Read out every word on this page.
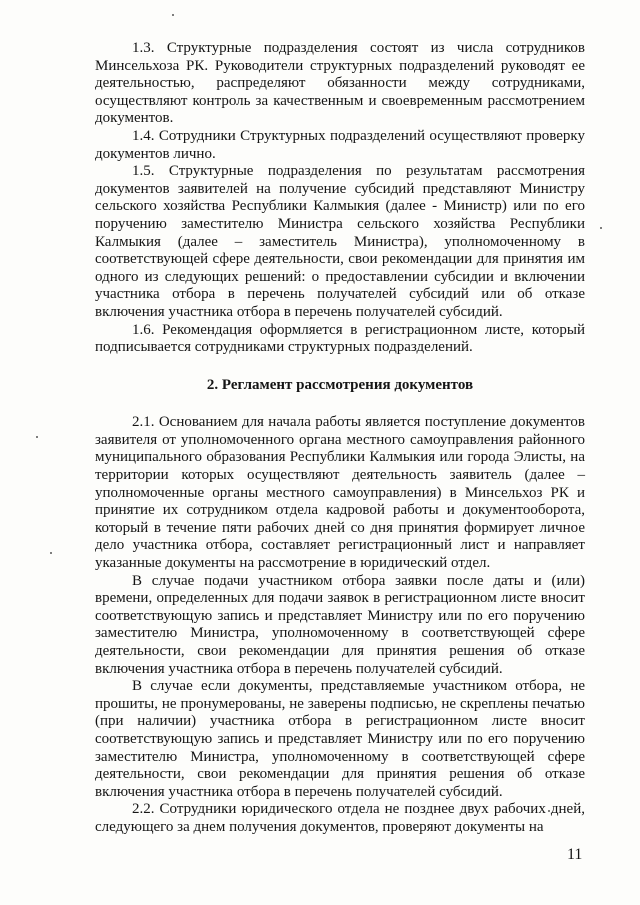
1.3. Структурные подразделения состоят из числа сотрудников Минсельхоза РК. Руководители структурных подразделений руководят ее деятельностью, распределяют обязанности между сотрудниками, осуществляют контроль за качественным и своевременным рассмотрением документов.

1.4. Сотрудники Структурных подразделений осуществляют проверку документов лично.

1.5. Структурные подразделения по результатам рассмотрения документов заявителей на получение субсидий представляют Министру сельского хозяйства Республики Калмыкия (далее - Министр) или по его поручению заместителю Министра сельского хозяйства Республики Калмыкия (далее – заместитель Министра), уполномоченному в соответствующей сфере деятельности, свои рекомендации для принятия им одного из следующих решений: о предоставлении субсидии и включении участника отбора в перечень получателей субсидий или об отказе включения участника отбора в перечень получателей субсидий.

1.6. Рекомендация оформляется в регистрационном листе, который подписывается сотрудниками структурных подразделений.

2. Регламент рассмотрения документов

2.1. Основанием для начала работы является поступление документов заявителя от уполномоченного органа местного самоуправления районного муниципального образования Республики Калмыкия или города Элисты, на территории которых осуществляют деятельность заявитель (далее – уполномоченные органы местного самоуправления) в Минсельхоз РК и принятие их сотрудником отдела кадровой работы и документооборота, который в течение пяти рабочих дней со дня принятия формирует личное дело участника отбора, составляет регистрационный лист и направляет указанные документы на рассмотрение в юридический отдел.

В случае подачи участником отбора заявки после даты и (или) времени, определенных для подачи заявок в регистрационном листе вносит соответствующую запись и представляет Министру или по его поручению заместителю Министра, уполномоченному в соответствующей сфере деятельности, свои рекомендации для принятия решения об отказе включения участника отбора в перечень получателей субсидий.

В случае если документы, представляемые участником отбора, не прошиты, не пронумерованы, не заверены подписью, не скреплены печатью (при наличии) участника отбора в регистрационном листе вносит соответствующую запись и представляет Министру или по его поручению заместителю Министра, уполномоченному в соответствующей сфере деятельности, свои рекомендации для принятия решения об отказе включения участника отбора в перечень получателей субсидий.

2.2. Сотрудники юридического отдела не позднее двух рабочих дней, следующего за днем получения документов, проверяют документы на

11
